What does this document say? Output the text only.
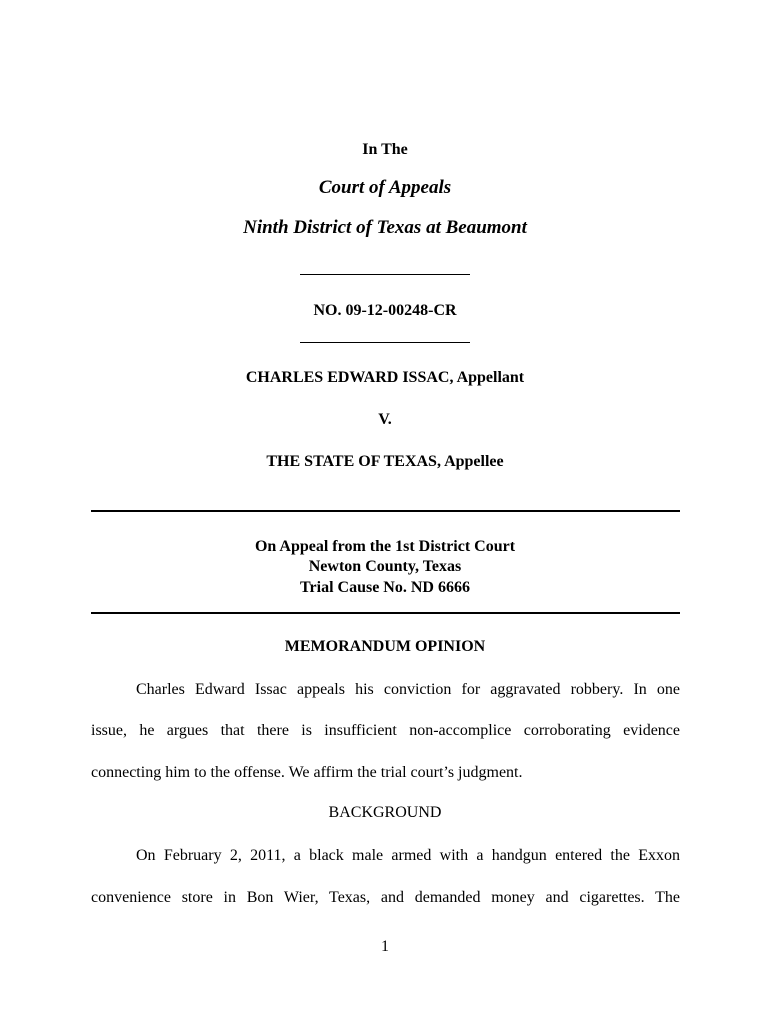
In The
Court of Appeals
Ninth District of Texas at Beaumont
NO. 09-12-00248-CR
CHARLES EDWARD ISSAC, Appellant
V.
THE STATE OF TEXAS, Appellee
On Appeal from the 1st District Court
Newton County, Texas
Trial Cause No. ND 6666
MEMORANDUM OPINION
Charles Edward Issac appeals his conviction for aggravated robbery. In one
issue, he argues that there is insufficient non-accomplice corroborating evidence
connecting him to the offense. We affirm the trial court’s judgment.
BACKGROUND
On February 2, 2011, a black male armed with a handgun entered the Exxon
convenience store in Bon Wier, Texas, and demanded money and cigarettes. The
1
